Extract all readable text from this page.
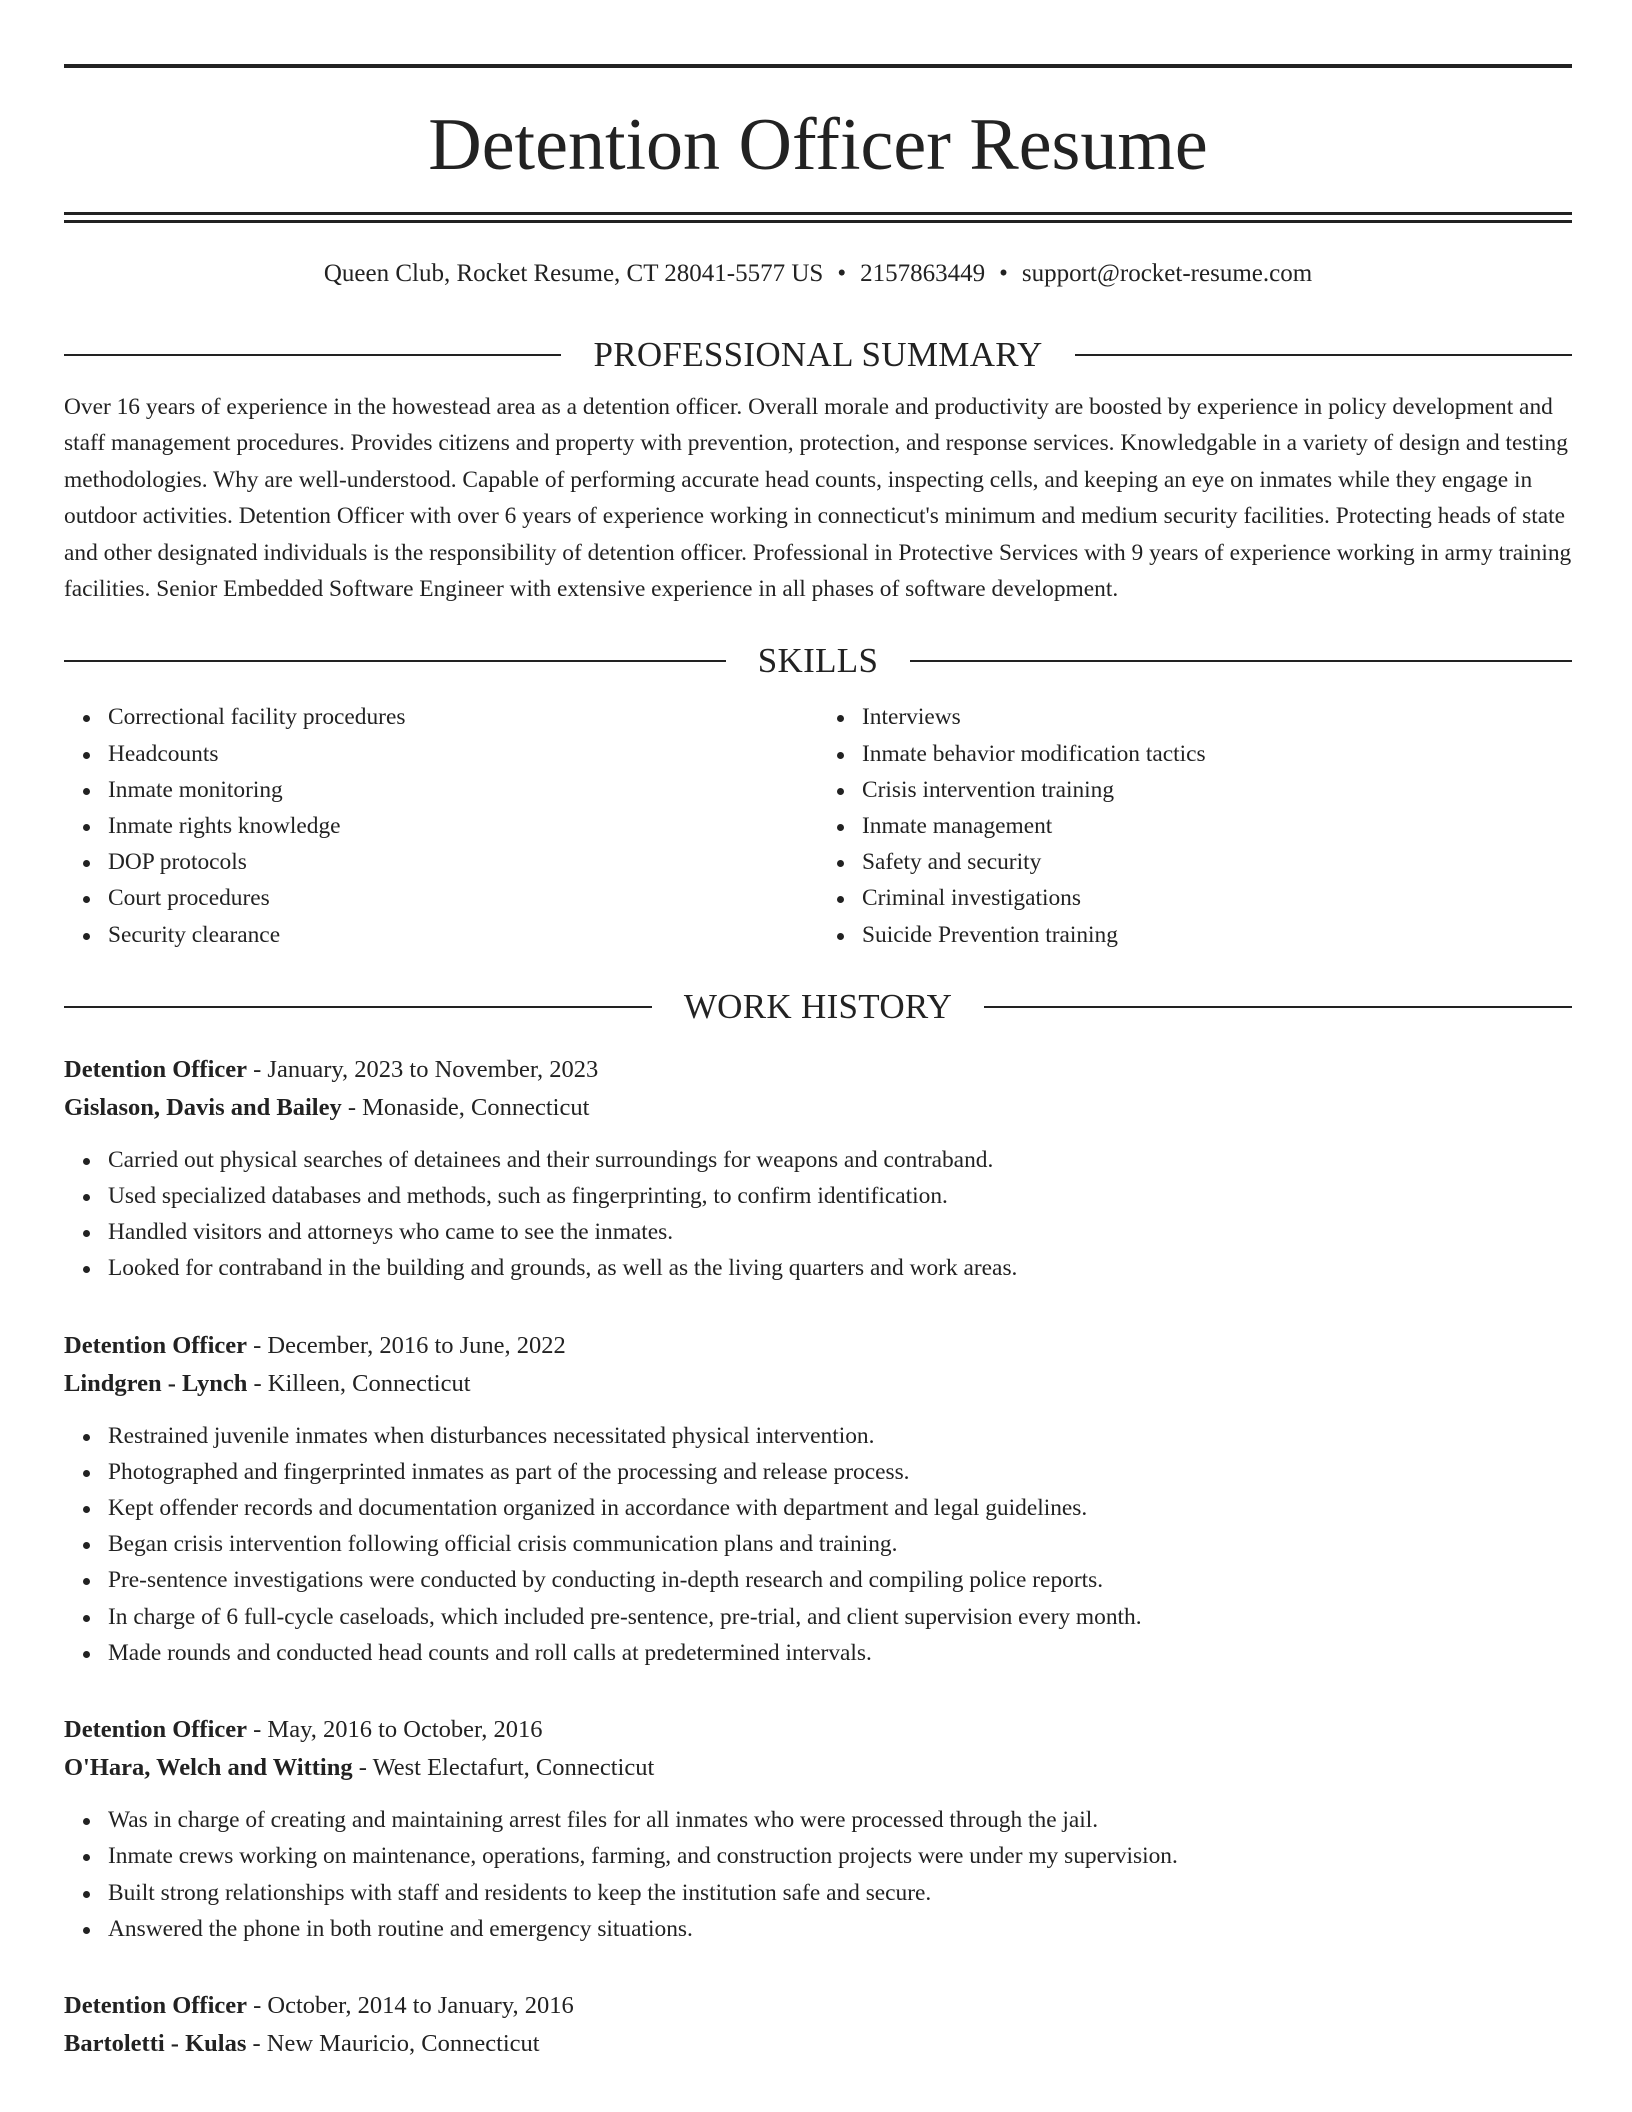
Detention Officer Resume
Queen Club, Rocket Resume, CT 28041-5577 US • 2157863449 • support@rocket-resume.com
PROFESSIONAL SUMMARY
Over 16 years of experience in the howestead area as a detention officer. Overall morale and productivity are boosted by experience in policy development and staff management procedures. Provides citizens and property with prevention, protection, and response services. Knowledgable in a variety of design and testing methodologies. Why are well-understood. Capable of performing accurate head counts, inspecting cells, and keeping an eye on inmates while they engage in outdoor activities. Detention Officer with over 6 years of experience working in connecticut's minimum and medium security facilities. Protecting heads of state and other designated individuals is the responsibility of detention officer. Professional in Protective Services with 9 years of experience working in army training facilities. Senior Embedded Software Engineer with extensive experience in all phases of software development.
SKILLS
Correctional facility procedures
Headcounts
Inmate monitoring
Inmate rights knowledge
DOP protocols
Court procedures
Security clearance
Interviews
Inmate behavior modification tactics
Crisis intervention training
Inmate management
Safety and security
Criminal investigations
Suicide Prevention training
WORK HISTORY
Detention Officer - January, 2023 to November, 2023
Gislason, Davis and Bailey - Monaside, Connecticut
Carried out physical searches of detainees and their surroundings for weapons and contraband.
Used specialized databases and methods, such as fingerprinting, to confirm identification.
Handled visitors and attorneys who came to see the inmates.
Looked for contraband in the building and grounds, as well as the living quarters and work areas.
Detention Officer - December, 2016 to June, 2022
Lindgren - Lynch - Killeen, Connecticut
Restrained juvenile inmates when disturbances necessitated physical intervention.
Photographed and fingerprinted inmates as part of the processing and release process.
Kept offender records and documentation organized in accordance with department and legal guidelines.
Began crisis intervention following official crisis communication plans and training.
Pre-sentence investigations were conducted by conducting in-depth research and compiling police reports.
In charge of 6 full-cycle caseloads, which included pre-sentence, pre-trial, and client supervision every month.
Made rounds and conducted head counts and roll calls at predetermined intervals.
Detention Officer - May, 2016 to October, 2016
O'Hara, Welch and Witting - West Electafurt, Connecticut
Was in charge of creating and maintaining arrest files for all inmates who were processed through the jail.
Inmate crews working on maintenance, operations, farming, and construction projects were under my supervision.
Built strong relationships with staff and residents to keep the institution safe and secure.
Answered the phone in both routine and emergency situations.
Detention Officer - October, 2014 to January, 2016
Bartoletti - Kulas - New Mauricio, Connecticut
